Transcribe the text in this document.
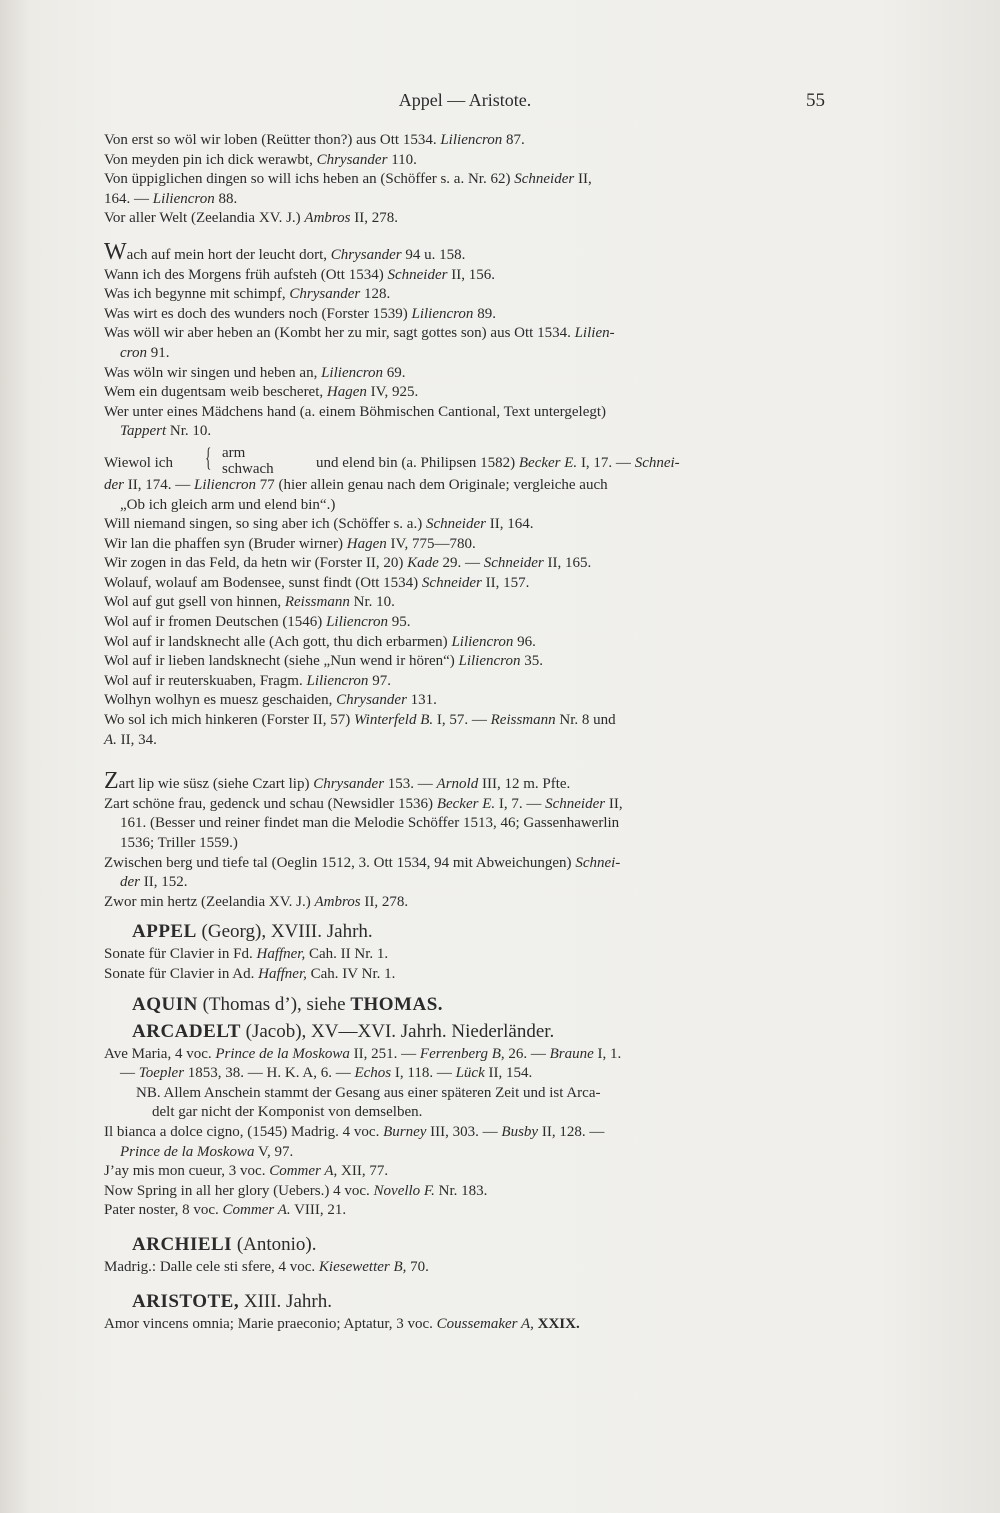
Appel — Aristote.	55
Von erst so wöl wir loben (Reütter thon?) aus Ott 1534. Liliencron 87.
Von meyden pin ich dick werawbt, Chrysander 110.
Von üppiglichen dingen so will ichs heben an (Schöffer s. a. Nr. 62) Schneider II,
164. — Liliencron 88.
Vor aller Welt (Zeelandia XV. J.) Ambros II, 278.
Wach auf mein hort der leucht dort, Chrysander 94 u. 158.
Wann ich des Morgens früh aufsteh (Ott 1534) Schneider II, 156.
Was ich begynne mit schimpf, Chrysander 128.
Was wirt es doch des wunders noch (Forster 1539) Liliencron 89.
Was wöll wir aber heben an (Kombt her zu mir, sagt gottes son) aus Ott 1534. Lilien-
cron 91.
Was wöln wir singen und heben an, Liliencron 69.
Wem ein dugentsam weib bescheret, Hagen IV, 925.
Wer unter eines Mädchens hand (a. einem Böhmischen Cantional, Text untergelegt)
Tappert Nr. 10.
Wiewol ich { arm
schwach	und elend bin (a. Philipsen 1582) Becker E. I, 17. — Schnei-
der II, 174. — Liliencron 77 (hier allein genau nach dem Originale; vergleiche auch
„Ob ich gleich arm und elend bin“.)
Will niemand singen, so sing aber ich (Schöffer s. a.) Schneider II, 164.
Wir lan die phaffen syn (Bruder wirner) Hagen IV, 775—780.
Wir zogen in das Feld, da hetn wir (Forster II, 20) Kade 29. — Schneider II, 165.
Wolauf, wolauf am Bodensee, sunst findt (Ott 1534) Schneider II, 157.
Wol auf gut gsell von hinnen, Reissmann Nr. 10.
Wol auf ir fromen Deutschen (1546) Liliencron 95.
Wol auf ir landsknecht alle (Ach gott, thu dich erbarmen) Liliencron 96.
Wol auf ir lieben landsknecht (siehe „Nun wend ir hören“) Liliencron 35.
Wol auf ir reuterskuaben, Fragm. Liliencron 97.
Wolhyn wolhyn es muesz geschaiden, Chrysander 131.
Wo sol ich mich hinkeren (Forster II, 57) Winterfeld B. I, 57. — Reissmann Nr. 8 und
A. II, 34.
Zart lip wie süsz (siehe Czart lip) Chrysander 153. — Arnold III, 12 m. Pfte.
Zart schöne frau, gedenck und schau (Newsidler 1536) Becker E. I, 7. — Schneider II,
161. (Besser und reiner findet man die Melodie Schöffer 1513, 46; Gassenhawerlin
1536; Triller 1559.)
Zwischen berg und tiefe tal (Oeglin 1512, 3. Ott 1534, 94 mit Abweichungen) Schnei-
der II, 152.
Zwor min hertz (Zeelandia XV. J.) Ambros II, 278.
APPEL (Georg), XVIII. Jahrh.
Sonate für Clavier in Fd. Haffner, Cah. II Nr. 1.
Sonate für Clavier in Ad. Haffner, Cah. IV Nr. 1.
AQUIN (Thomas d’), siehe THOMAS.
ARCADELT (Jacob), XV—XVI. Jahrh. Niederländer.
Ave Maria, 4 voc. Prince de la Moskowa II, 251. — Ferrenberg B, 26. — Braune I, 1.
— Toepler 1853, 38. — H. K. A, 6. — Echos I, 118. — Lück II, 154.
NB. Allem Anschein stammt der Gesang aus einer späteren Zeit und ist Arca-
delt gar nicht der Komponist von demselben.
Il bianca a dolce cigno, (1545) Madrig. 4 voc. Burney III, 303. — Busby II, 128. —
Prince de la Moskowa V, 97.
J’ay mis mon cueur, 3 voc. Commer A, XII, 77.
Now Spring in all her glory (Uebers.) 4 voc. Novello F. Nr. 183.
Pater noster, 8 voc. Commer A. VIII, 21.
ARCHIELI (Antonio).
Madrig.: Dalle cele sti sfere, 4 voc. Kiesewetter B, 70.
ARISTOTE, XIII. Jahrh.
Amor vincens omnia; Marie praeconio; Aptatur, 3 voc. Coussemaker A, XXIX.
